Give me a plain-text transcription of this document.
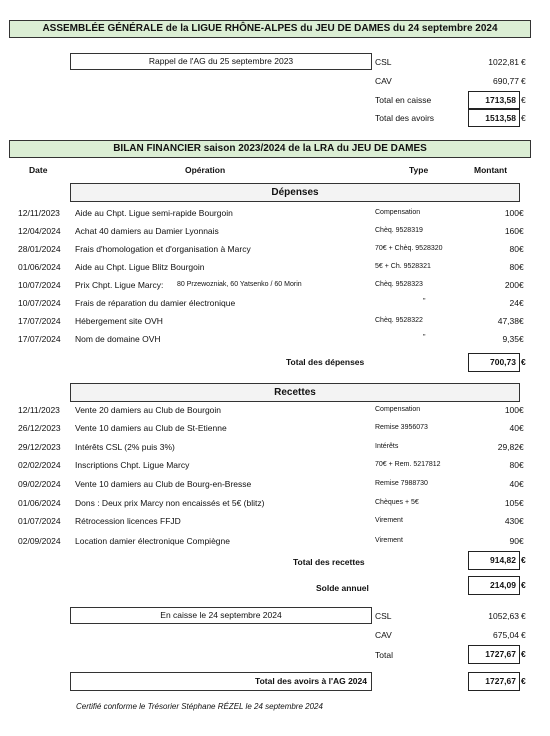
ASSEMBLÉE GÉNÉRALE de la LIGUE RHÔNE-ALPES du JEU DE DAMES du 24 septembre 2024
Rappel de l'AG du 25 septembre 2023	CSL	1022,81 €
CAV	690,77 €
Total en caisse	1713,58 €
Total des avoirs	1513,58 €
BILAN FINANCIER saison 2023/2024 de la LRA du JEU DE DAMES
Date	Opération	Type	Montant
Dépenses
12/11/2023 Aide au Chpt. Ligue semi-rapide Bourgoin	Compensation	100 €
12/04/2024 Achat 40 damiers au Damier Lyonnais	Chèq. 9528319	160 €
28/01/2024 Frais d'homologation et d'organisation à Marcy	70€ + Chèq. 9528320	80 €
01/06/2024 Aide au Chpt. Ligue Blitz Bourgoin	5€ + Ch. 9528321	80 €
10/07/2024 Prix Chpt. Ligue Marcy: 80 Przewozniak, 60 Yatsenko / 60 Morin	Chèq. 9528323	200 €
10/07/2024 Frais de réparation du damier électronique	"	24 €
17/07/2024 Hébergement site OVH	Chèq. 9528322	47,38 €
17/07/2024 Nom de domaine OVH	"	9,35 €
Total des dépenses	700,73 €
Recettes
12/11/2023 Vente 20 damiers au Club de Bourgoin	Compensation	100 €
26/12/2023 Vente 10 damiers au Club de St-Etienne	Remise 3956073	40 €
29/12/2023 Intérêts CSL (2% puis 3%)	Intérêts	29,82 €
02/02/2024 Inscriptions Chpt. Ligue Marcy	70€ + Rem. 5217812	80 €
09/02/2024 Vente 10 damiers au Club de Bourg-en-Bresse	Remise 7988730	40 €
01/06/2024 Dons : Deux prix Marcy non encaissés et 5€ (blitz)	Chèques + 5€	105 €
01/07/2024 Rétrocession licences FFJD	Virement	430 €
02/09/2024 Location damier électronique Compiègne	Virement	90 €
Total des recettes	914,82 €
Solde annuel	214,09 €
En caisse le 24 septembre 2024	CSL	1052,63 €
CAV	675,04 €
Total	1727,67 €
Total des avoirs à l'AG 2024	1727,67 €
Certifié conforme le Trésorier Stéphane RÉZEL le 24 septembre 2024
